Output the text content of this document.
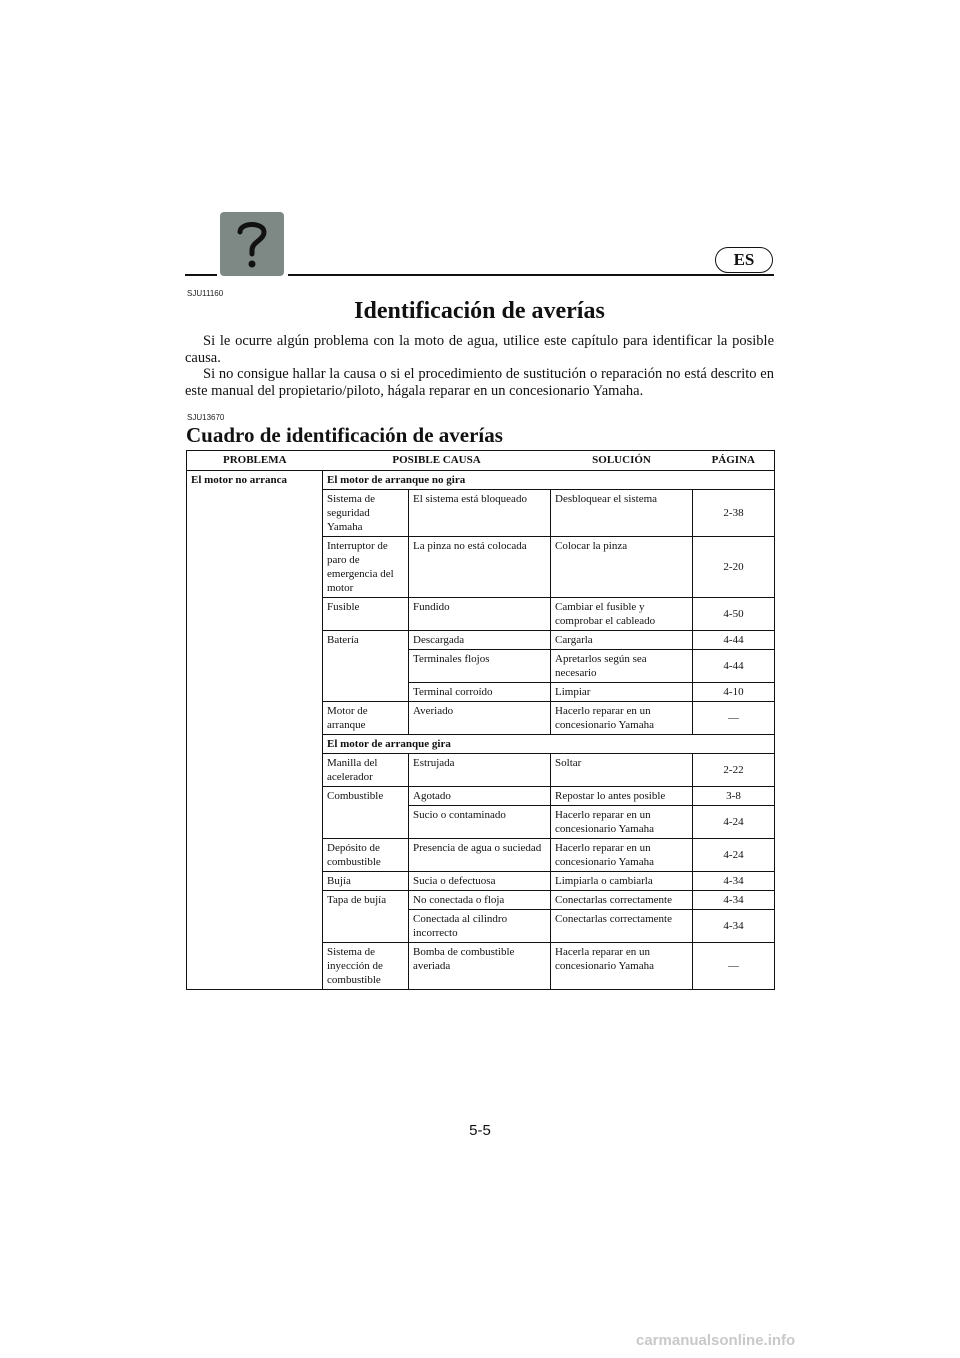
ES
SJU11160
Identificación de averías
Si le ocurre algún problema con la moto de agua, utilice este capítulo para identificar la posible causa.
Si no consigue hallar la causa o si el procedimiento de sustitución o reparación no está descrito en este manual del propietario/piloto, hágala reparar en un concesionario Yamaha.
SJU13670
Cuadro de identificación de averías
PROBLEMA	POSIBLE CAUSA		SOLUCIÓN	PÁGINA
El motor no arranca	El motor de arranque no gira			
	Sistema de seguridad Yamaha	El sistema está bloqueado	Desbloquear el sistema	2-38
	Interruptor de paro de emergencia del motor	La pinza no está colocada	Colocar la pinza	2-20
	Fusible	Fundido	Cambiar el fusible y comprobar el cableado	4-50
	Batería	Descargada	Cargarla	4-44
		Terminales flojos	Apretarlos según sea necesario	4-44
		Terminal corroído	Limpiar	4-10
	Motor de arranque	Averiado	Hacerlo reparar en un concesionario Yamaha	—
	El motor de arranque gira			
	Manilla del acelerador	Estrujada	Soltar	2-22
	Combustible	Agotado	Repostar lo antes posible	3-8
		Sucio o contaminado	Hacerlo reparar en un concesionario Yamaha	4-24
	Depósito de combustible	Presencia de agua o suciedad	Hacerlo reparar en un concesionario Yamaha	4-24
	Bujía	Sucia o defectuosa	Limpiarla o cambiarla	4-34
	Tapa de bujía	No conectada o floja	Conectarlas correctamente	4-34
		Conectada al cilindro incorrecto	Conectarlas correctamente	4-34
	Sistema de inyección de combustible	Bomba de combustible averiada	Hacerla reparar en un concesionario Yamaha	—
5-5
carmanualsonline.info
